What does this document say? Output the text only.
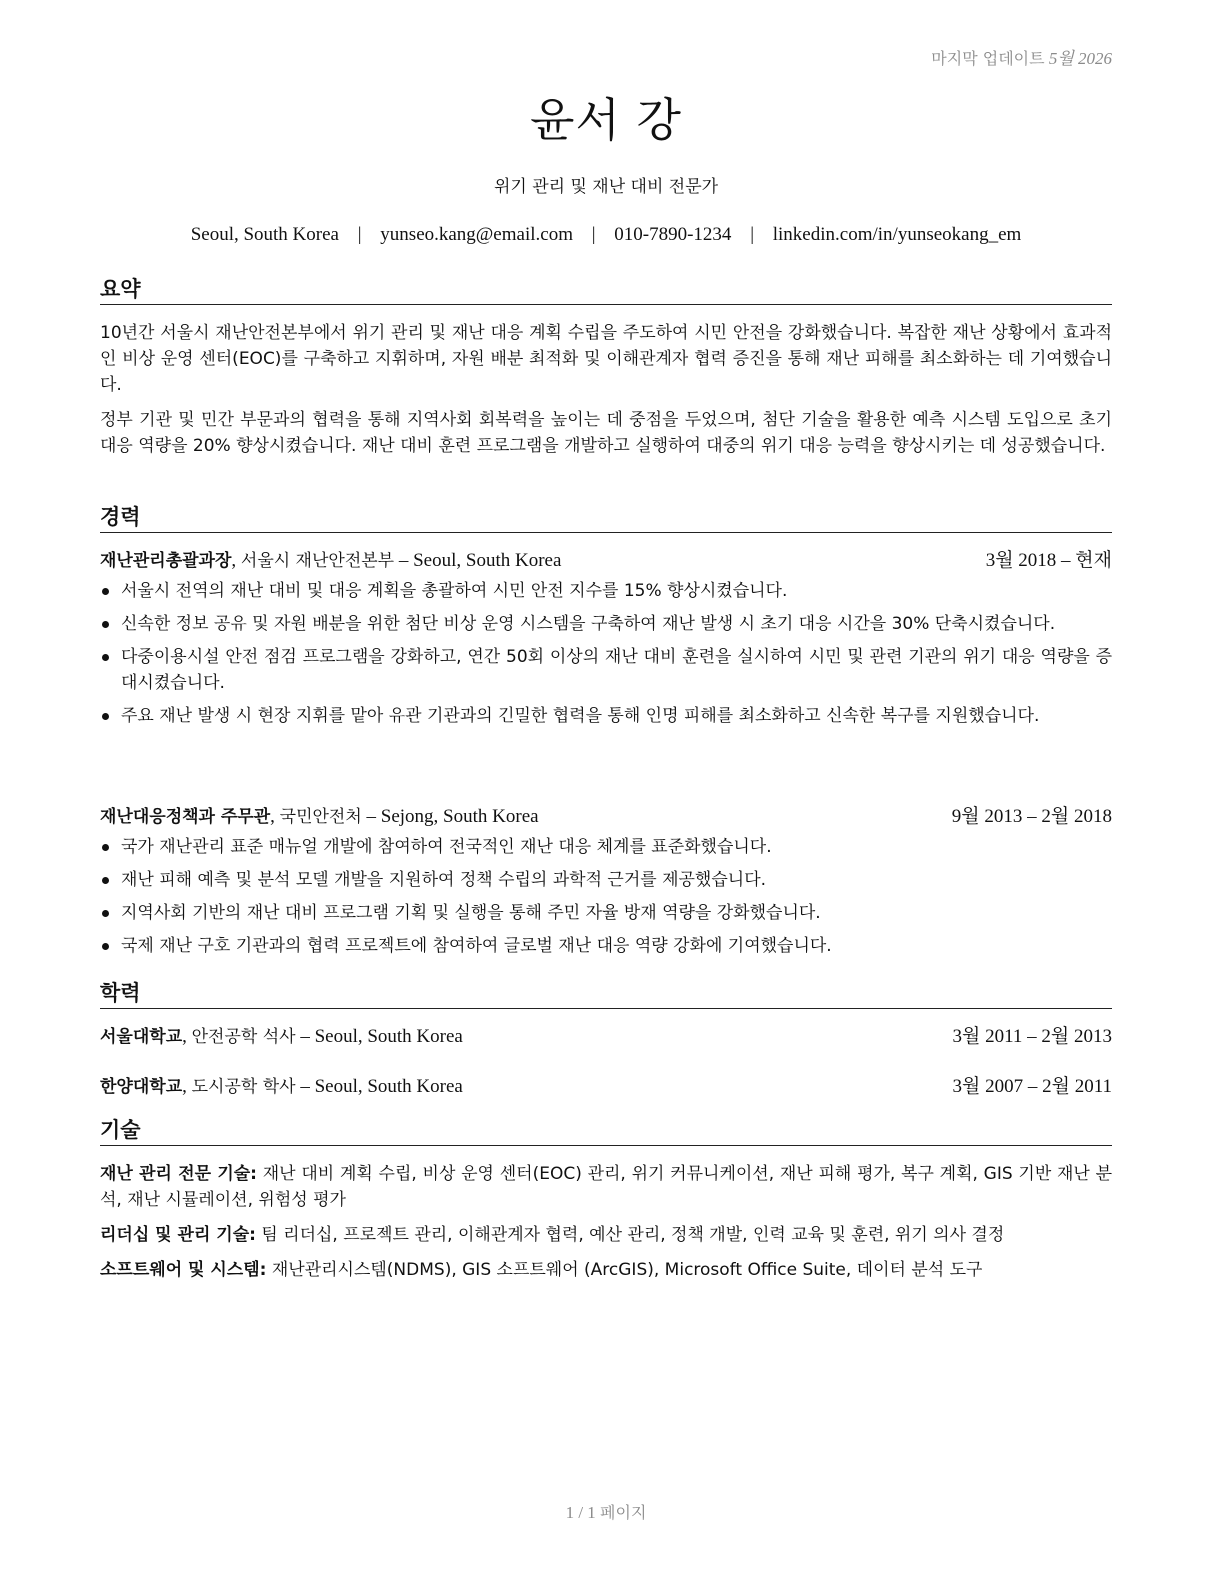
마지막 업데이트 5월 2026
윤서 강
위기 관리 및 재난 대비 전문가
Seoul, South Korea | yunseo.kang@email.com | 010-7890-1234 | linkedin.com/in/yunseokang_em
요약
10년간 서울시 재난안전본부에서 위기 관리 및 재난 대응 계획 수립을 주도하여 시민 안전을 강화했습니다. 복잡한 재난 상황에서 효과적인 비상 운영 센터(EOC)를 구축하고 지휘하며, 자원 배분 최적화 및 이해관계자 협력 증진을 통해 재난 피해를 최소화하는 데 기여했습니다.
정부 기관 및 민간 부문과의 협력을 통해 지역사회 회복력을 높이는 데 중점을 두었으며, 첨단 기술을 활용한 예측 시스템 도입으로 초기 대응 역량을 20% 향상시켰습니다. 재난 대비 훈련 프로그램을 개발하고 실행하여 대중의 위기 대응 능력을 향상시키는 데 성공했습니다.
경력
재난관리총괄과장, 서울시 재난안전본부 – Seoul, South Korea	3월 2018 – 현재
서울시 전역의 재난 대비 및 대응 계획을 총괄하여 시민 안전 지수를 15% 향상시켰습니다.
신속한 정보 공유 및 자원 배분을 위한 첨단 비상 운영 시스템을 구축하여 재난 발생 시 초기 대응 시간을 30% 단축시켰습니다.
다중이용시설 안전 점검 프로그램을 강화하고, 연간 50회 이상의 재난 대비 훈련을 실시하여 시민 및 관련 기관의 위기 대응 역량을 증대시켰습니다.
주요 재난 발생 시 현장 지휘를 맡아 유관 기관과의 긴밀한 협력을 통해 인명 피해를 최소화하고 신속한 복구를 지원했습니다.
재난대응정책과 주무관, 국민안전처 – Sejong, South Korea	9월 2013 – 2월 2018
국가 재난관리 표준 매뉴얼 개발에 참여하여 전국적인 재난 대응 체계를 표준화했습니다.
재난 피해 예측 및 분석 모델 개발을 지원하여 정책 수립의 과학적 근거를 제공했습니다.
지역사회 기반의 재난 대비 프로그램 기획 및 실행을 통해 주민 자율 방재 역량을 강화했습니다.
국제 재난 구호 기관과의 협력 프로젝트에 참여하여 글로벌 재난 대응 역량 강화에 기여했습니다.
학력
서울대학교, 안전공학 석사 – Seoul, South Korea	3월 2011 – 2월 2013
한양대학교, 도시공학 학사 – Seoul, South Korea	3월 2007 – 2월 2011
기술
재난 관리 전문 기술: 재난 대비 계획 수립, 비상 운영 센터(EOC) 관리, 위기 커뮤니케이션, 재난 피해 평가, 복구 계획, GIS 기반 재난 분석, 재난 시뮬레이션, 위험성 평가
리더십 및 관리 기술: 팀 리더십, 프로젝트 관리, 이해관계자 협력, 예산 관리, 정책 개발, 인력 교육 및 훈련, 위기 의사 결정
소프트웨어 및 시스템: 재난관리시스템(NDMS), GIS 소프트웨어 (ArcGIS), Microsoft Office Suite, 데이터 분석 도구
1 / 1 페이지
